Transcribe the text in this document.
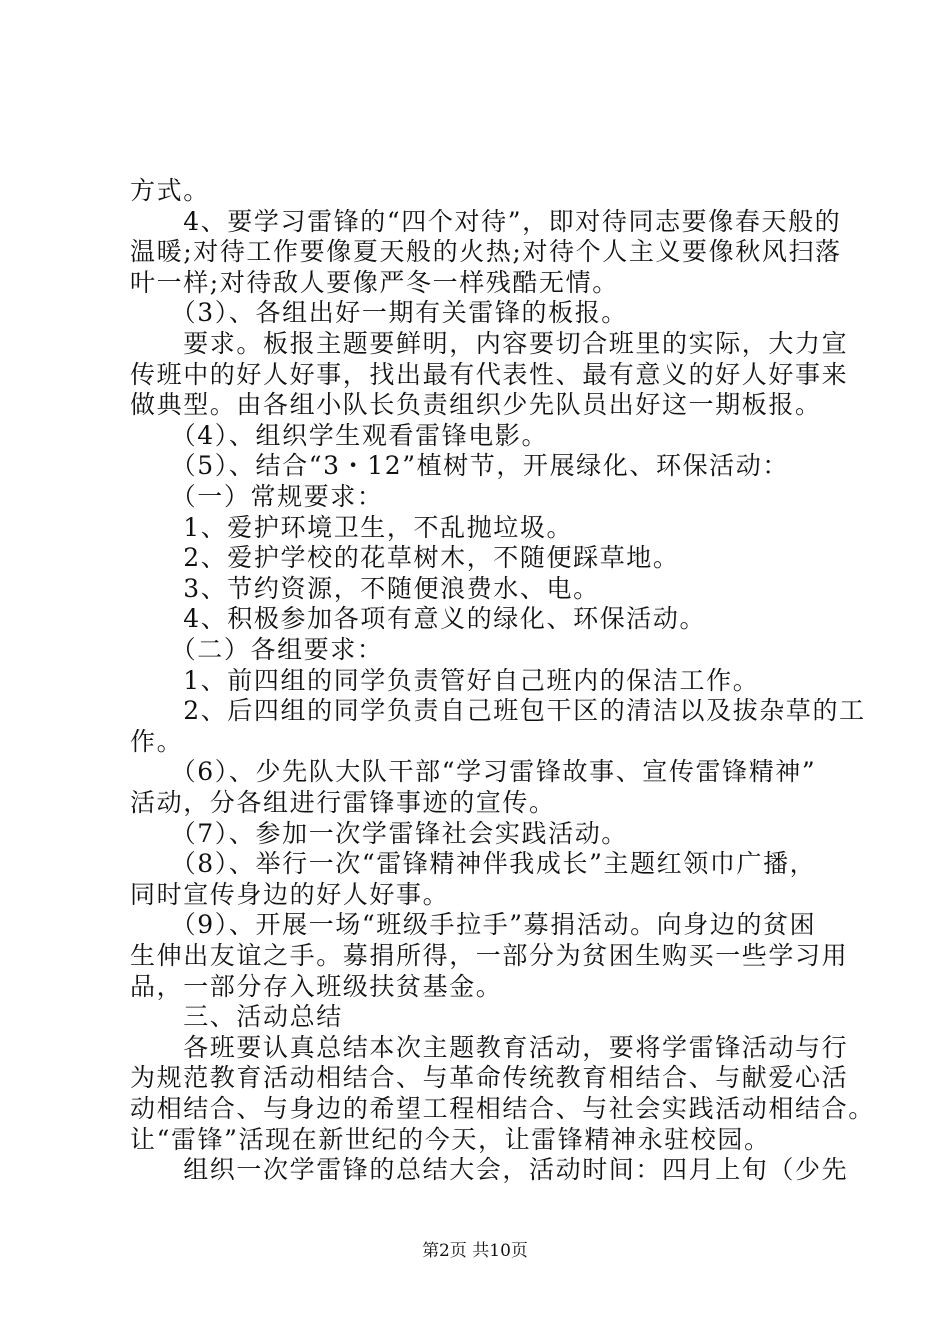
方式。
　　4、要学习雷锋的“四个对待”，即对待同志要像春天般的
温暖;对待工作要像夏天般的火热;对待个人主义要像秋风扫落
叶一样;对待敌人要像严冬一样残酷无情。
　　（3）、各组出好一期有关雷锋的板报。
　　要求。板报主题要鲜明，内容要切合班里的实际，大力宣
传班中的好人好事，找出最有代表性、最有意义的好人好事来
做典型。由各组小队长负责组织少先队员出好这一期板报。
　　（4）、组织学生观看雷锋电影。
　　（5）、结合“3・12”植树节，开展绿化、环保活动：
　　（一）常规要求：
　　1、爱护环境卫生，不乱抛垃圾。
　　2、爱护学校的花草树木，不随便踩草地。
　　3、节约资源，不随便浪费水、电。
　　4、积极参加各项有意义的绿化、环保活动。
　　（二）各组要求：
　　1、前四组的同学负责管好自己班内的保洁工作。
　　2、后四组的同学负责自己班包干区的清洁以及拔杂草的工
作。
　　（6）、少先队大队干部“学习雷锋故事、宣传雷锋精神”
活动，分各组进行雷锋事迹的宣传。
　　（7）、参加一次学雷锋社会实践活动。
　　（8）、举行一次“雷锋精神伴我成长”主题红领巾广播，
同时宣传身边的好人好事。
　　（9）、开展一场“班级手拉手”募捐活动。向身边的贫困
生伸出友谊之手。募捐所得，一部分为贫困生购买一些学习用
品，一部分存入班级扶贫基金。
　　三、活动总结
　　各班要认真总结本次主题教育活动，要将学雷锋活动与行
为规范教育活动相结合、与革命传统教育相结合、与献爱心活
动相结合、与身边的希望工程相结合、与社会实践活动相结合。
让“雷锋”活现在新世纪的今天，让雷锋精神永驻校园。
　　组织一次学雷锋的总结大会，活动时间：四月上旬（少先
第2页 共10页
